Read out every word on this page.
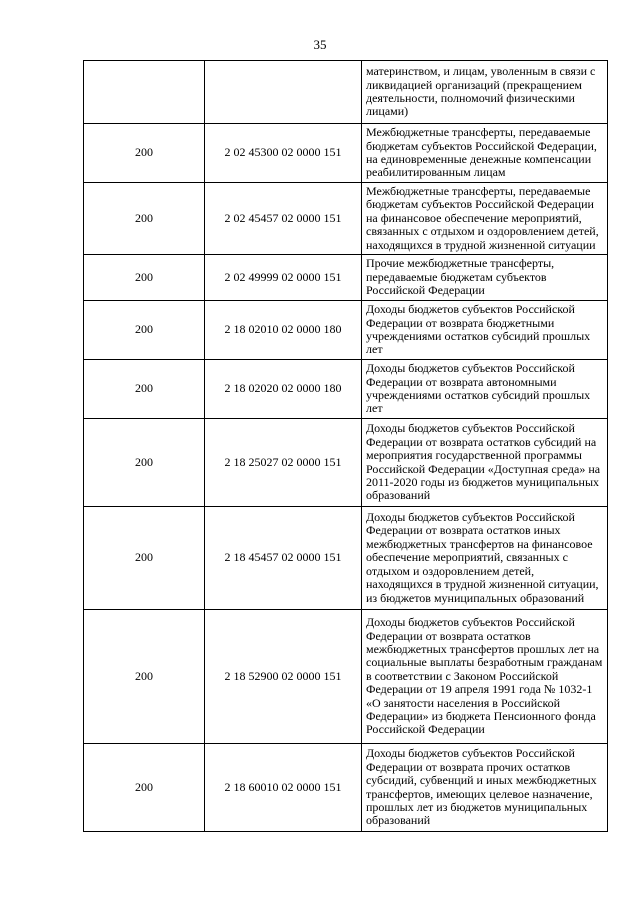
35
		материнством, и лицам, уволенным в связи с ликвидацией организаций (прекращением деятельности, полномочий физическими лицами)
200	2 02 45300 02 0000 151	Межбюджетные трансферты, передаваемые бюджетам субъектов Российской Федерации, на единовременные денежные компенсации реабилитированным лицам
200	2 02 45457 02 0000 151	Межбюджетные трансферты, передаваемые бюджетам субъектов Российской Федерации на финансовое обеспечение мероприятий, связанных с отдыхом и оздоровлением детей, находящихся в трудной жизненной ситуации
200	2 02 49999 02 0000 151	Прочие межбюджетные трансферты, передаваемые бюджетам субъектов Российской Федерации
200	2 18 02010 02 0000 180	Доходы бюджетов субъектов Российской Федерации от возврата бюджетными учреждениями остатков субсидий прошлых лет
200	2 18 02020 02 0000 180	Доходы бюджетов субъектов Российской Федерации от возврата автономными учреждениями остатков субсидий прошлых лет
200	2 18 25027 02 0000 151	Доходы бюджетов субъектов Российской Федерации от возврата остатков субсидий на мероприятия государственной программы Российской Федерации «Доступная среда» на 2011-2020 годы из бюджетов муниципальных образований
200	2 18 45457 02 0000 151	Доходы бюджетов субъектов Российской Федерации от возврата остатков иных межбюджетных трансфертов на финансовое обеспечение мероприятий, связанных с отдыхом и оздоровлением детей, находящихся в трудной жизненной ситуации, из бюджетов муниципальных образований
200	2 18 52900 02 0000 151	Доходы бюджетов субъектов Российской Федерации от возврата остатков межбюджетных трансфертов прошлых лет на социальные выплаты безработным гражданам в соответствии с Законом Российской Федерации от 19 апреля 1991 года № 1032-1 «О занятости населения в Российской Федерации» из бюджета Пенсионного фонда Российской Федерации
200	2 18 60010 02 0000 151	Доходы бюджетов субъектов Российской Федерации от возврата прочих остатков субсидий, субвенций и иных межбюджетных трансфертов, имеющих целевое назначение, прошлых лет из бюджетов муниципальных образований
